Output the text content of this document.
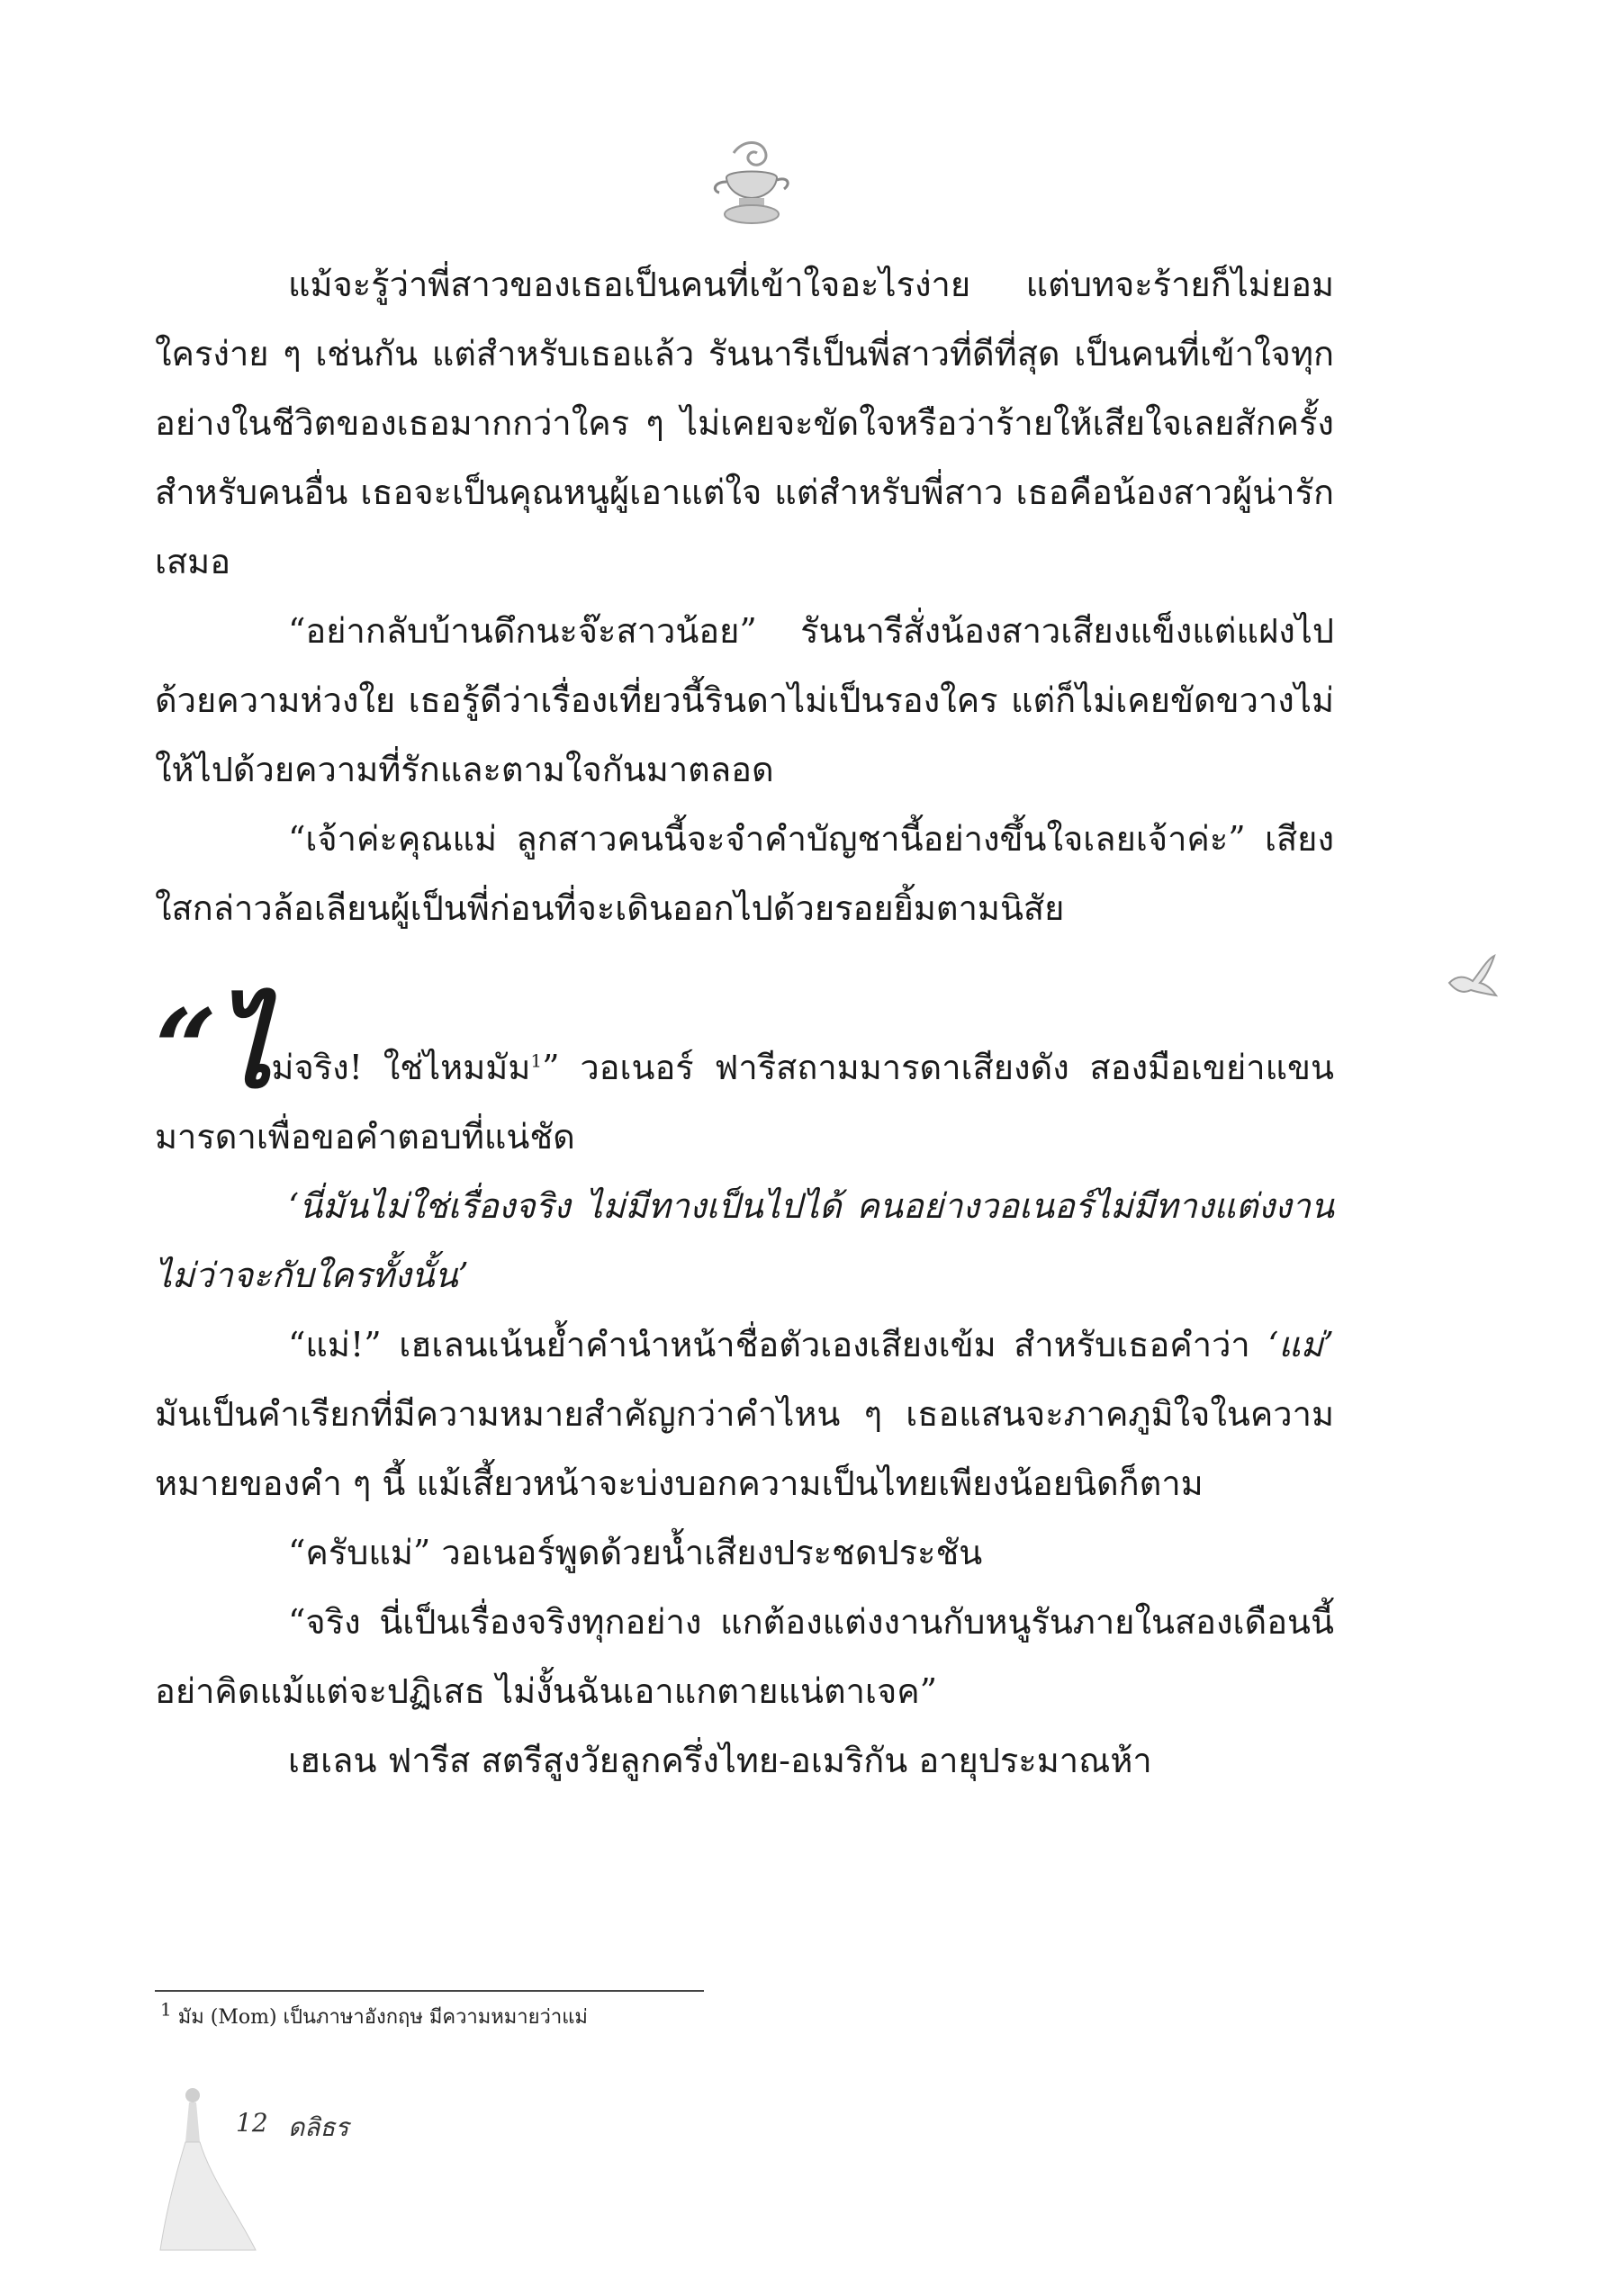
แม้จะรู้ว่าพี่สาวของเธอเป็นคนที่เข้าใจอะไรง่าย แต่บทจะร้ายก็ไม่ยอมใครง่าย ๆ เช่นกัน แต่สำหรับเธอแล้ว รันนารีเป็นพี่สาวที่ดีที่สุด เป็นคนที่เข้าใจทุกอย่างในชีวิตของเธอมากกว่าใคร ๆ ไม่เคยจะขัดใจหรือว่าร้ายให้เสียใจเลยสักครั้ง สำหรับคนอื่น เธอจะเป็นคุณหนูผู้เอาแต่ใจ แต่สำหรับพี่สาว เธอคือน้องสาวผู้น่ารักเสมอ

“อย่ากลับบ้านดึกนะจ๊ะสาวน้อย” รันนารีสั่งน้องสาวเสียงแข็งแต่แฝงไปด้วยความห่วงใย เธอรู้ดีว่าเรื่องเที่ยวนี้รินดาไม่เป็นรองใคร แต่ก็ไม่เคยขัดขวางไม่ให้ไปด้วยความที่รักและตามใจกันมาตลอด

“เจ้าค่ะคุณแม่ ลูกสาวคนนี้จะจำคำบัญชานี้อย่างขึ้นใจเลยเจ้าค่ะ” เสียงใสกล่าวล้อเลียนผู้เป็นพี่ก่อนที่จะเดินออกไปด้วยรอยยิ้มตามนิสัย

“ไม่จริง! ใช่ไหมมัม$^1$” วอเนอร์ ฟารีสถามมารดาเสียงดัง สองมือเขย่าแขนมารดาเพื่อขอคำตอบที่แน่ชัด

‘นี่มันไม่ใช่เรื่องจริง ไม่มีทางเป็นไปได้ คนอย่างวอเนอร์ไม่มีทางแต่งงาน ไม่ว่าจะกับใครทั้งนั้น’

“แม่!” เฮเลนเน้นย้ำคำนำหน้าชื่อตัวเองเสียงเข้ม สำหรับเธอคำว่า ‘แม่’ มันเป็นคำเรียกที่มีความหมายสำคัญกว่าคำไหน ๆ เธอแสนจะภาคภูมิใจในความหมายของคำ ๆ นี้ แม้เสี้ยวหน้าจะบ่งบอกความเป็นไทยเพียงน้อยนิดก็ตาม

“ครับแม่” วอเนอร์พูดด้วยน้ำเสียงประชดประชัน

“จริง นี่เป็นเรื่องจริงทุกอย่าง แกต้องแต่งงานกับหนูรันภายในสองเดือนนี้ อย่าคิดแม้แต่จะปฏิเสธ ไม่งั้นฉันเอาแกตายแน่ตาเจค”

เฮเลน ฟารีส สตรีสูงวัยลูกครึ่งไทย-อเมริกัน อายุประมาณห้า

1 มัม (Mom) เป็นภาษาอังกฤษ มีความหมายว่าแม่
12 ดลิธร
